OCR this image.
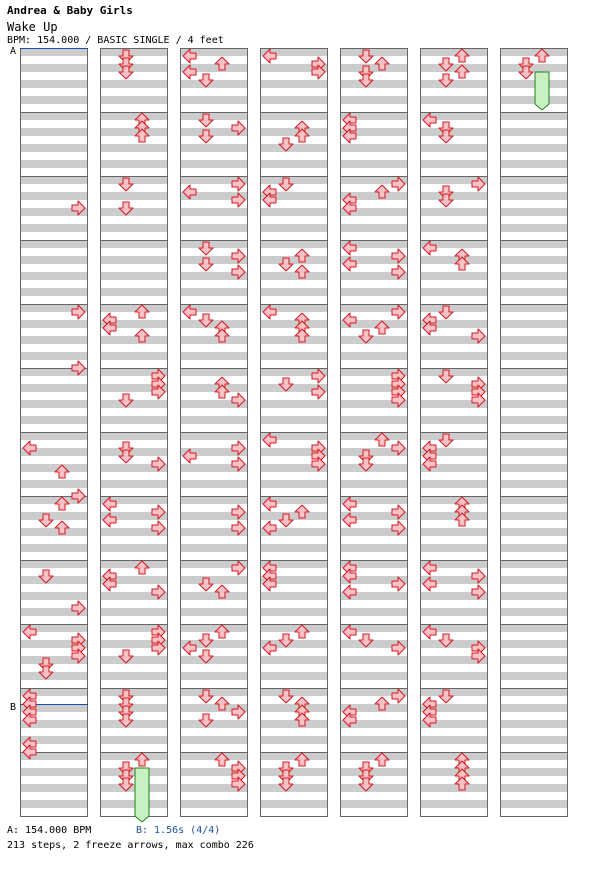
Andrea & Baby Girls
Wake Up
BPM: 154.000 / BASIC SINGLE / 4 feet
A
B
A: 154.000 BPM	B: 1.56s (4/4)
213 steps, 2 freeze arrows, max combo 226
